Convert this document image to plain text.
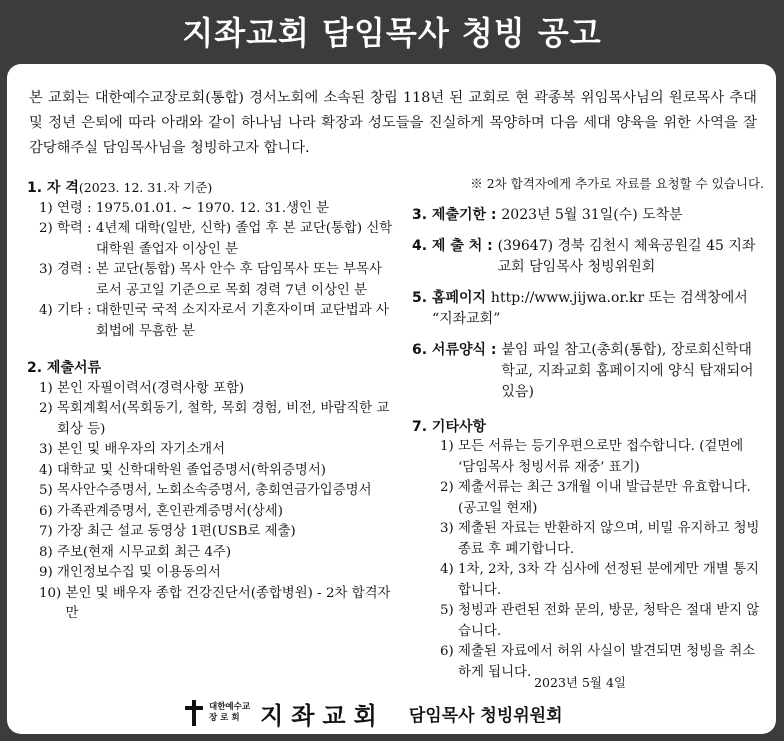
지좌교회 담임목사 청빙 공고
본 교회는 대한예수교장로회(통합) 경서노회에 소속된 창립 118년 된 교회로 현 곽종복 위임목사님의 원로목사 추대 및 정년 은퇴에 따라 아래와 같이 하나님 나라 확장과 성도들을 진실하게 목양하며 다음 세대 양육을 위한 사역을 잘 감당해주실 담임목사님을 청빙하고자 합니다.
1. 자 격(2023. 12. 31.자 기준)
1) 연령 : 1975.01.01. ~ 1970. 12. 31.생인 분
2) 학력 : 4년제 대학(일반, 신학) 졸업 후 본 교단(통합) 신학대학원 졸업자 이상인 분
3) 경력 : 본 교단(통합) 목사 안수 후 담임목사 또는 부목사로서 공고일 기준으로 목회 경력 7년 이상인 분
4) 기타 : 대한민국 국적 소지자로서 기혼자이며 교단법과 사회법에 무흠한 분
2. 제출서류
1) 본인 자필이력서(경력사항 포함)
2) 목회계획서(목회동기, 철학, 목회 경험, 비전, 바람직한 교회상 등)
3) 본인 및 배우자의 자기소개서
4) 대학교 및 신학대학원 졸업증명서(학위증명서)
5) 목사안수증명서, 노회소속증명서, 총회연금가입증명서
6) 가족관계증명서, 혼인관계증명서(상세)
7) 가장 최근 설교 동영상 1편(USB로 제출)
8) 주보(현재 시무교회 최근 4주)
9) 개인정보수집 및 이용동의서
10) 본인 및 배우자 종합 건강진단서(종합병원) - 2차 합격자만
※ 2차 합격자에게 추가로 자료를 요청할 수 있습니다.
3. 제출기한 : 2023년 5월 31일(수) 도착분
4. 제 출 처 : (39647) 경북 김천시 체육공원길 45 지좌교회 담임목사 청빙위원회
5. 홈페이지 http://www.jijwa.or.kr 또는 검색창에서 “지좌교회”
6. 서류양식 : 붙임 파일 참고(총회(통합), 장로회신학대학교, 지좌교회 홈페이지에 양식 탑재되어 있음)
7. 기타사항
1) 모든 서류는 등기우편으로만 접수합니다. (겉면에 ‘담임목사 청빙서류 재중’ 표기)
2) 제출서류는 최근 3개월 이내 발급분만 유효합니다.(공고일 현재)
3) 제출된 자료는 반환하지 않으며, 비밀 유지하고 청빙 종료 후 폐기합니다.
4) 1차, 2차, 3차 각 심사에 선정된 분에게만 개별 통지합니다.
5) 청빙과 관련된 전화 문의, 방문, 청탁은 절대 받지 않습니다.
6) 제출된 자료에서 허위 사실이 발견되면 청빙을 취소하게 됩니다.
2023년 5월 4일
대한예수교
장 로 회 지좌교회 담임목사 청빙위원회
